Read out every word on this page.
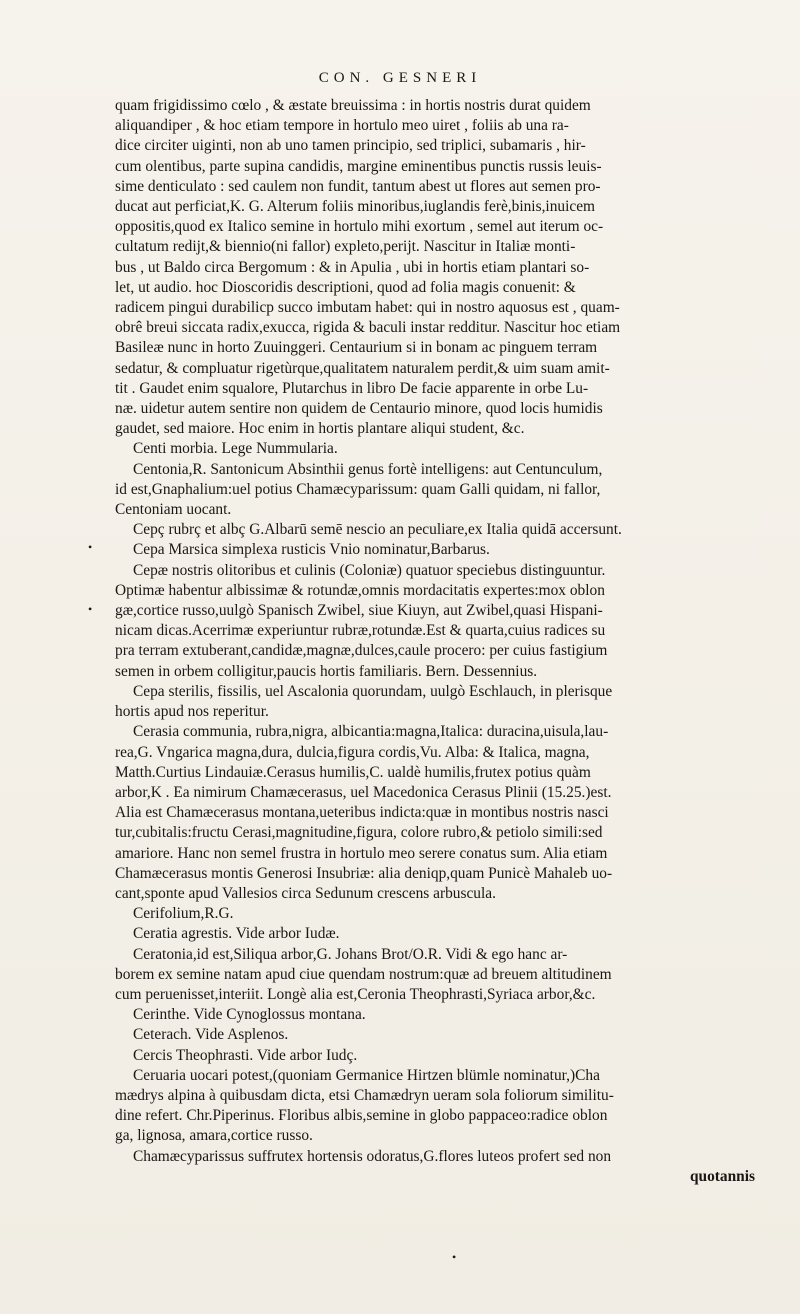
CON. GESNERI
quam frigidissimo cœlo , & æstate breuissima : in hortis nostris durat quidem
aliquandiper , & hoc etiam tempore in hortulo meo uiret , foliis ab una ra-
dice circiter uiginti, non ab uno tamen principio, sed triplici, subamaris , hir-
cum olentibus, parte supina candidis, margine eminentibus punctis russis leuis-
sime denticulato : sed caulem non fundit, tantum abest ut flores aut semen pro-
ducat aut perficiat,K. G. Alterum foliis minoribus,iuglandis ferè,binis,inuicem
oppositis,quod ex Italico semine in hortulo mihi exortum , semel aut iterum oc-
cultatum redijt,& biennio(ni fallor) expleto,perijt. Nascitur in Italiæ monti-
bus , ut Baldo circa Bergomum : & in Apulia , ubi in hortis etiam plantari so-
let, ut audio. hoc Dioscoridis descriptioni, quod ad folia magis conuenit: &
radicem pingui durabilicp succo imbutam habet: qui in nostro aquosus est , quam-
obrê breui siccata radix,exucca, rigida & baculi instar redditur. Nascitur hoc etiam
Basileæ nunc in horto Zuuinggeri. Centaurium si in bonam ac pinguem terram
sedatur, & compluatur rigetùrque,qualitatem naturalem perdit,& uim suam amit-
tit . Gaudet enim squalore, Plutarchus in libro De facie apparente in orbe Lu-
næ. uidetur autem sentire non quidem de Centaurio minore, quod locis humidis
gaudet, sed maiore. Hoc enim in hortis plantare aliqui student, &c.
Centi morbia. Lege Nummularia.
Centonia,R. Santonicum Absinthii genus fortè intelligens: aut Centunculum,
id est,Gnaphalium:uel potius Chamæcyparissum: quam Galli quidam, ni fallor,
Centoniam uocant.
Cepç rubrç et albç G.Albarū semē nescio an peculiare,ex Italia quidā accersunt.
Cepa Marsica simplexa rusticis Vnio nominatur,Barbarus.
Cepæ nostris olitoribus et culinis (Coloniæ) quatuor speciebus distinguuntur.
Optimæ habentur albissimæ & rotundæ,omnis mordacitatis expertes:mox oblon
gæ,cortice russo,uulgò Spanisch Zwibel, siue Kiuyn, aut Zwibel,quasi Hispani-
nicam dicas.Acerrimæ experiuntur rubræ,rotundæ.Est & quarta,cuius radices su
pra terram extuberant,candidæ,magnæ,dulces,caule procero: per cuius fastigium
semen in orbem colligitur,paucis hortis familiaris. Bern. Dessennius.
Cepa sterilis, fissilis, uel Ascalonia quorundam, uulgò Eschlauch, in plerisque
hortis apud nos reperitur.
Cerasia communia, rubra,nigra, albicantia:magna,Italica: duracina,uisula,lau-
rea,G. Vngarica magna,dura, dulcia,figura cordis,Vu. Alba: & Italica, magna,
Matth.Curtius Lindauiæ.Cerasus humilis,C. ualdè humilis,frutex potius quàm
arbor,K . Ea nimirum Chamæcerasus, uel Macedonica Cerasus Plinii (15.25.)est.
Alia est Chamæcerasus montana,ueteribus indicta:quæ in montibus nostris nasci
tur,cubitalis:fructu Cerasi,magnitudine,figura, colore rubro,& petiolo simili:sed
amariore. Hanc non semel frustra in hortulo meo serere conatus sum. Alia etiam
Chamæcerasus montis Generosi Insubriæ: alia deniqp,quam Punicè Mahaleb uo-
cant,sponte apud Vallesios circa Sedunum crescens arbuscula.
Cerifolium,R.G.
Ceratia agrestis. Vide arbor Iudæ.
Ceratonia,id est,Siliqua arbor,G. Johans Brot/O.R. Vidi & ego hanc ar-
borem ex semine natam apud ciue quendam nostrum:quæ ad breuem altitudinem
cum peruenisset,interiit. Longè alia est,Ceronia Theophrasti,Syriaca arbor,&c.
Cerinthe. Vide Cynoglossus montana.
Ceterach. Vide Asplenos.
Cercis Theophrasti. Vide arbor Iudç.
Ceruaria uocari potest,(quoniam Germanice Hirtzen blümle nominatur,)Cha
mædrys alpina à quibusdam dicta, etsi Chamædryn ueram sola foliorum similitu-
dine refert. Chr.Piperinus. Floribus albis,semine in globo pappaceo:radice oblon
ga, lignosa, amara,cortice russo.
Chamæcyparissus suffrutex hortensis odoratus,G.flores luteos profert sed non
quotannis
•
•
•
